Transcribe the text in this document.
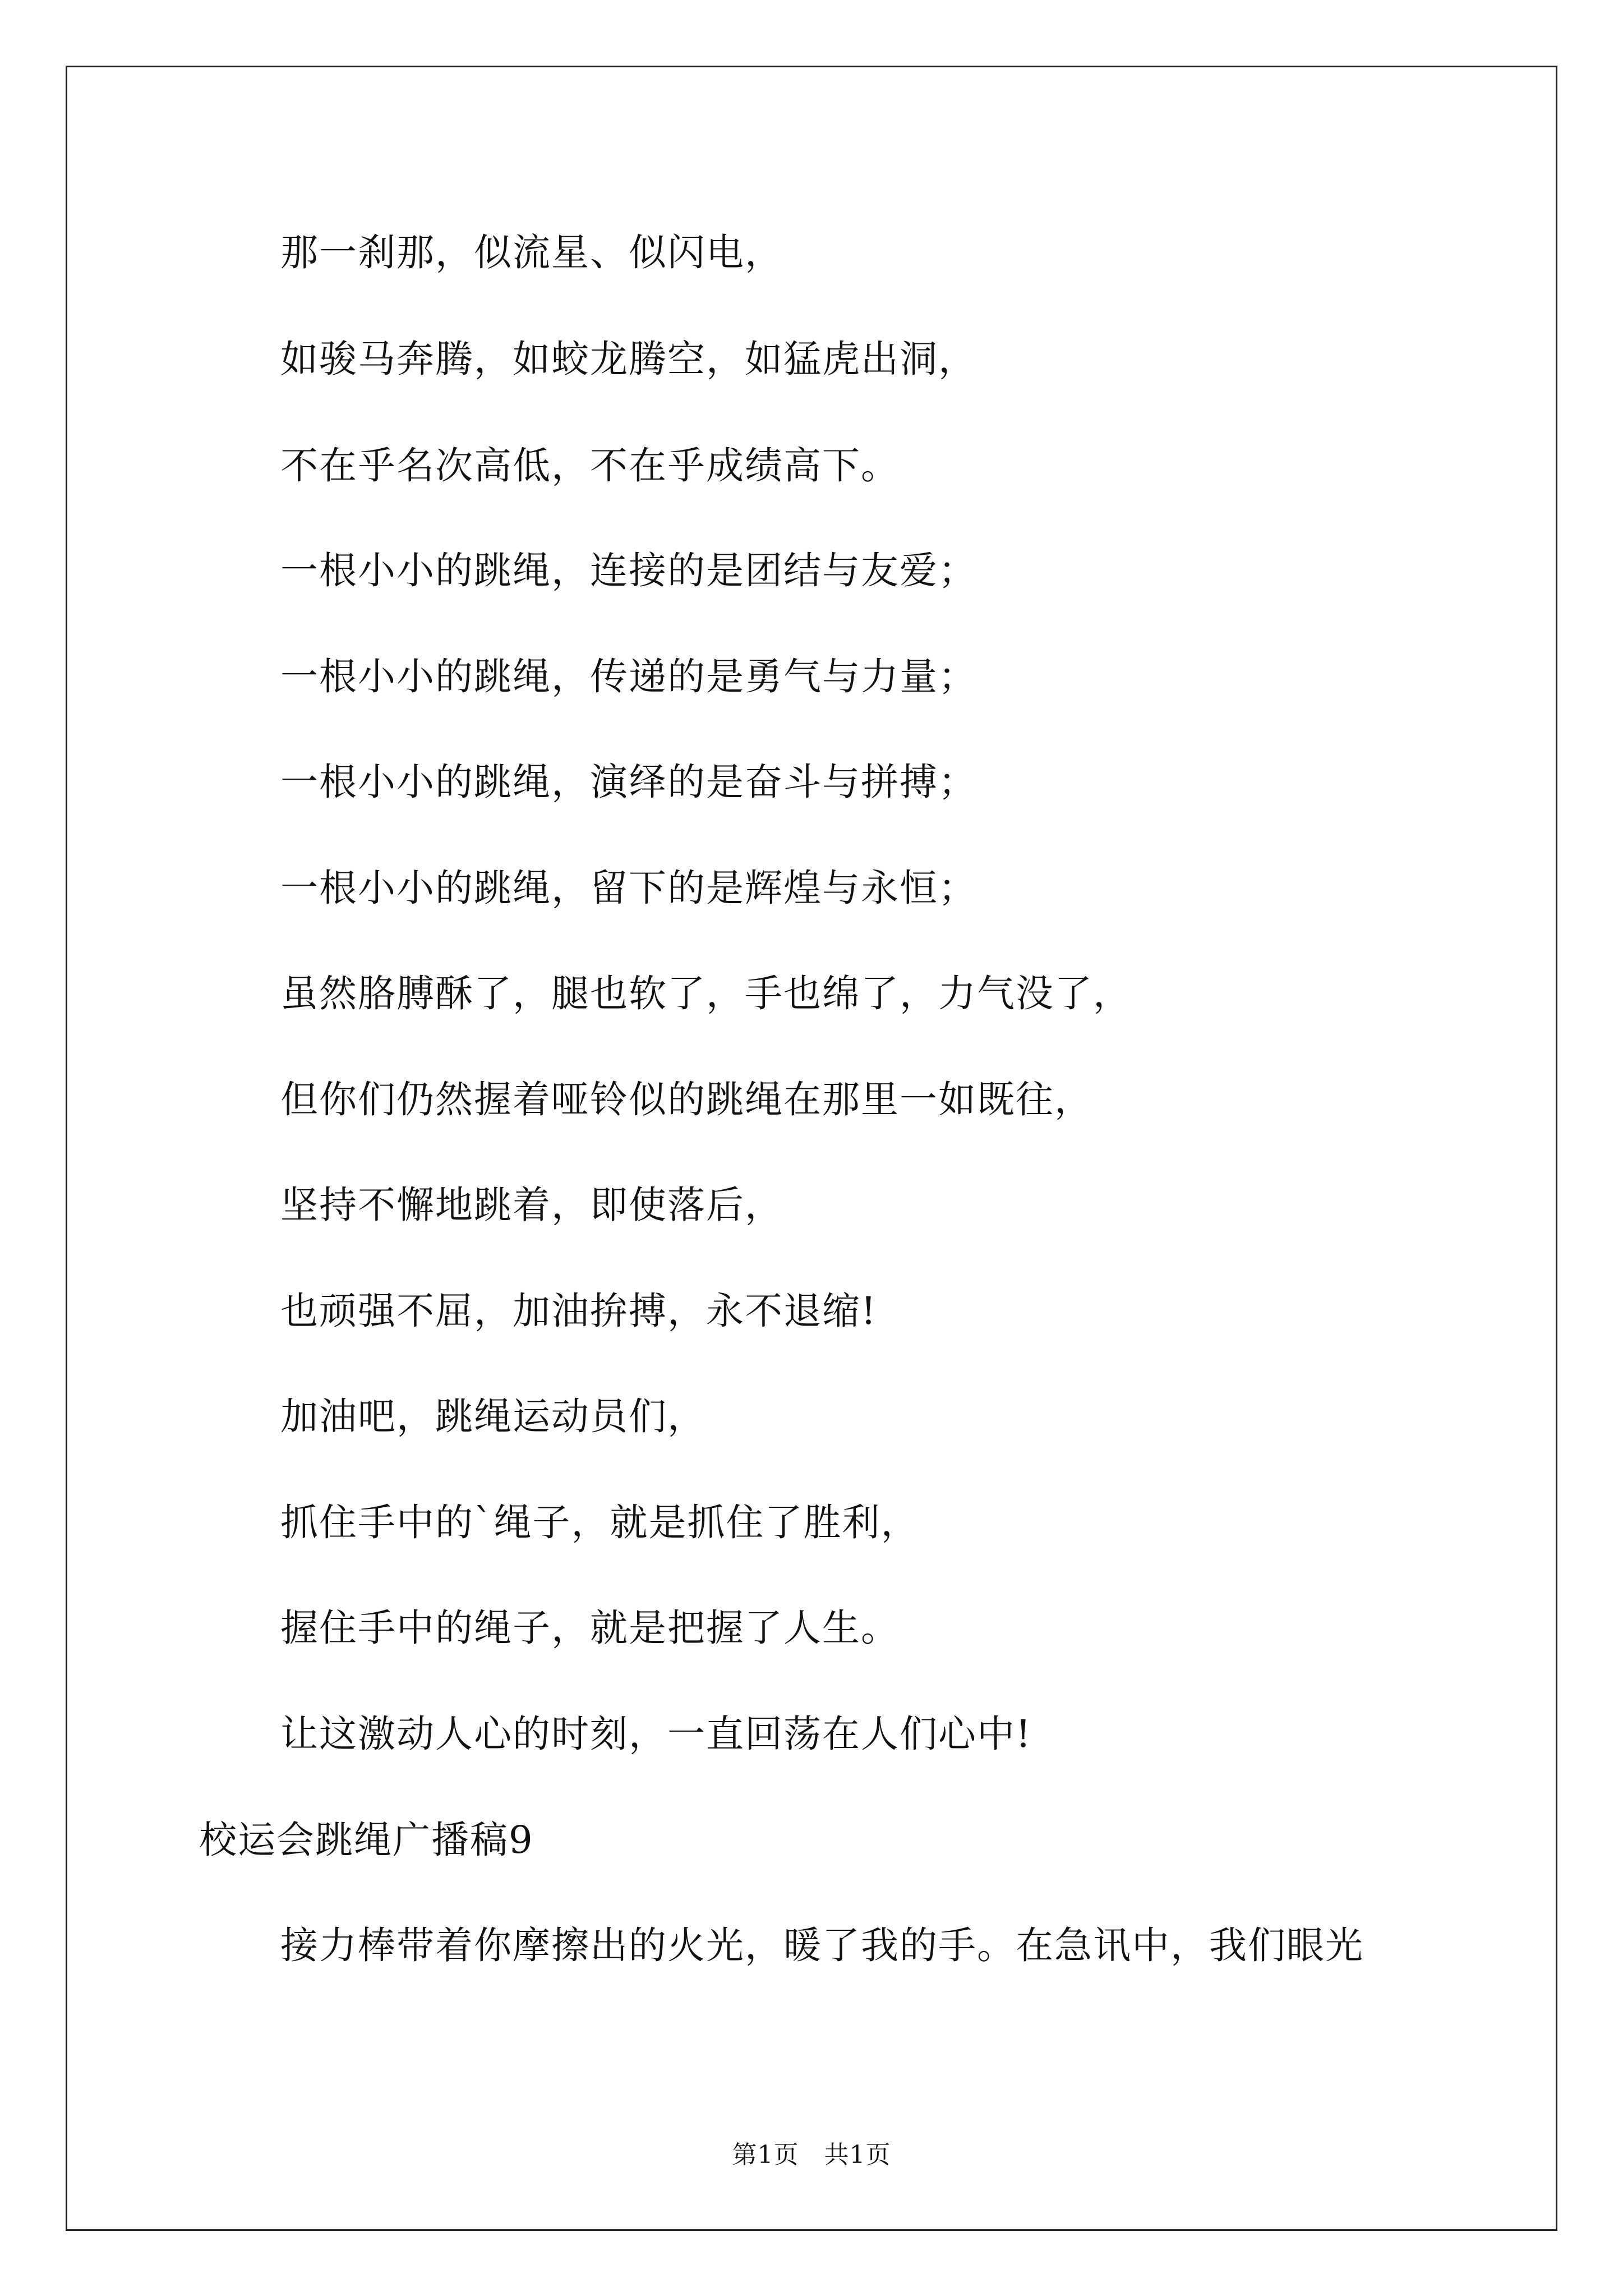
那一刹那，似流星、似闪电，
如骏马奔腾，如蛟龙腾空，如猛虎出洞，
不在乎名次高低，不在乎成绩高下。
一根小小的跳绳，连接的是团结与友爱；
一根小小的跳绳，传递的是勇气与力量；
一根小小的跳绳，演绎的是奋斗与拼搏；
一根小小的跳绳，留下的是辉煌与永恒；
虽然胳膊酥了，腿也软了，手也绵了，力气没了，
但你们仍然握着哑铃似的跳绳在那里一如既往，
坚持不懈地跳着，即使落后，
也顽强不屈，加油拚搏，永不退缩!
加油吧，跳绳运动员们，
抓住手中的`绳子，就是抓住了胜利，
握住手中的绳子，就是把握了人生。
让这激动人心的时刻，一直回荡在人们心中!
校运会跳绳广播稿9
接力棒带着你摩擦出的火光，暖了我的手。在急讯中，我们眼光
第1页　共1页
